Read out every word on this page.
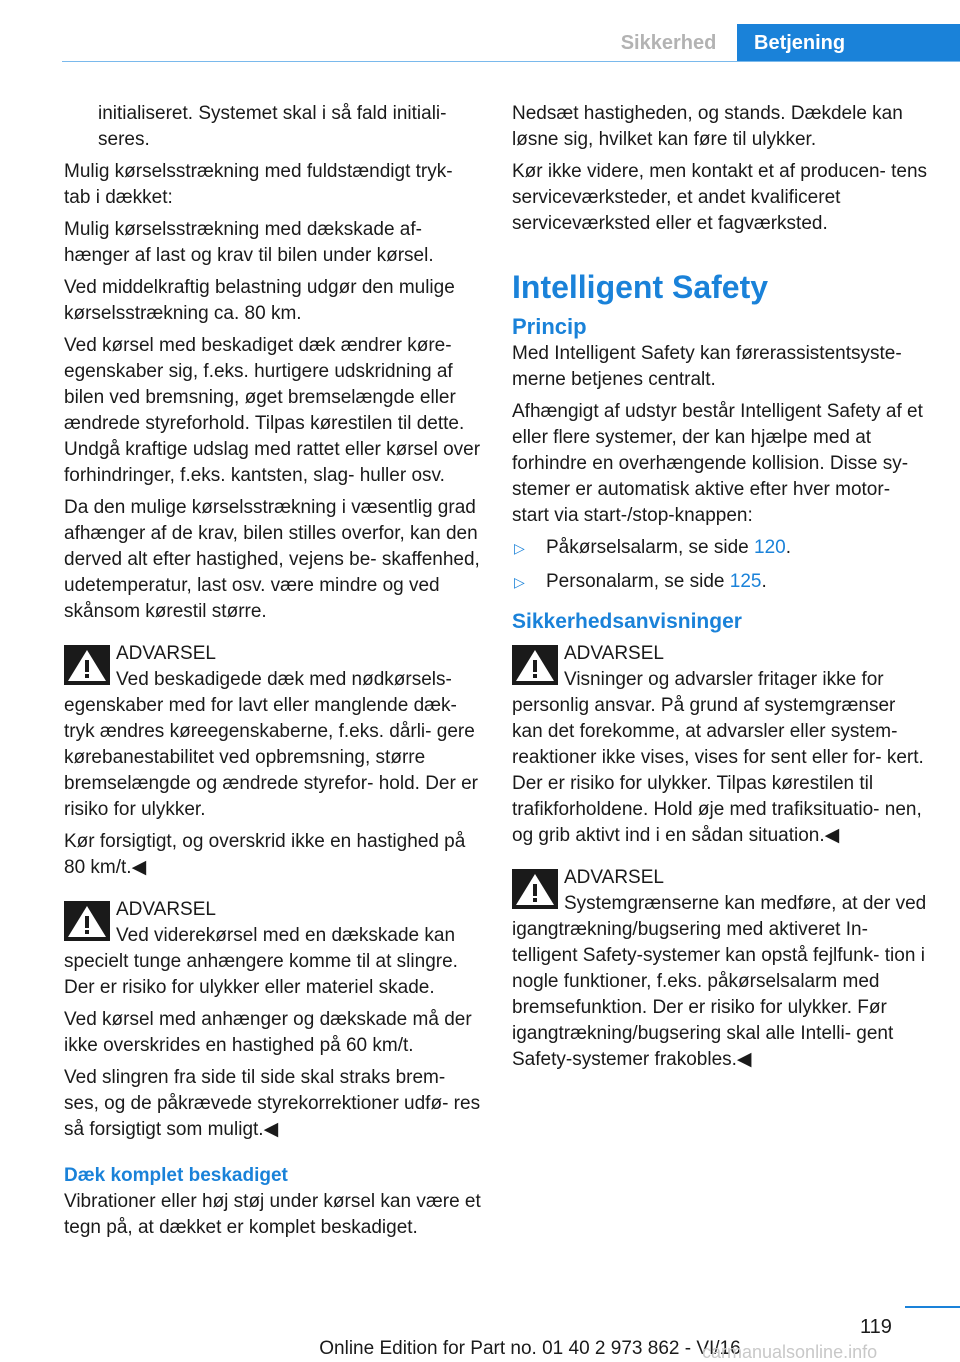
Sikkerhed	Betjening
initialiseret. Systemet skal i så fald initiali‐ seres.
Mulig kørselsstrækning med fuldstændigt tryk‐ tab i dækket:
Mulig kørselsstrækning med dækskade af‐ hænger af last og krav til bilen under kørsel.
Ved middelkraftig belastning udgør den mulige kørselsstrækning ca. 80 km.
Ved kørsel med beskadiget dæk ændrer køre‐ egenskaber sig, f.eks. hurtigere udskridning af bilen ved bremsning, øget bremselængde eller ændrede styreforhold. Tilpas kørestilen til dette. Undgå kraftige udslag med rattet eller kørsel over forhindringer, f.eks. kantsten, slag‐ huller osv.
Da den mulige kørselsstrækning i væsentlig grad afhænger af de krav, bilen stilles overfor, kan den derved alt efter hastighed, vejens be‐ skaffenhed, udetemperatur, last osv. være mindre og ved skånsom kørestil større.
ADVARSEL
Ved beskadigede dæk med nødkørsels‐ egenskaber med for lavt eller manglende dæk‐ tryk ændres køreegenskaberne, f.eks. dårli‐ gere kørebanestabilitet ved opbremsning, større bremselængde og ændrede styrefor‐ hold. Der er risiko for ulykker.
Kør forsigtigt, og overskrid ikke en hastighed på 80 km/t.◀
ADVARSEL
Ved viderekørsel med en dækskade kan specielt tunge anhængere komme til at slingre. Der er risiko for ulykker eller materiel skade.
Ved kørsel med anhænger og dækskade må der ikke overskrides en hastighed på 60 km/t.
Ved slingren fra side til side skal straks brem‐ ses, og de påkrævede styrekorrektioner udfø‐ res så forsigtigt som muligt.◀
Dæk komplet beskadiget
Vibrationer eller høj støj under kørsel kan være et tegn på, at dækket er komplet beskadiget.
Nedsæt hastigheden, og stands. Dækdele kan løsne sig, hvilket kan føre til ulykker.
Kør ikke videre, men kontakt et af producen‐ tens serviceværksteder, et andet kvalificeret serviceværksted eller et fagværksted.
Intelligent Safety
Princip
Med Intelligent Safety kan førerassistentsyste‐ merne betjenes centralt.
Afhængigt af udstyr består Intelligent Safety af et eller flere systemer, der kan hjælpe med at forhindre en overhængende kollision. Disse sy‐ stemer er automatisk aktive efter hver motor‐ start via start-/stop-knappen:
▷	Påkørselsalarm, se side 120.
▷	Personalarm, se side 125.
Sikkerhedsanvisninger
ADVARSEL
Visninger og advarsler fritager ikke for personlig ansvar. På grund af systemgrænser kan det forekomme, at advarsler eller system‐ reaktioner ikke vises, vises for sent eller for‐ kert. Der er risiko for ulykker. Tilpas kørestilen til trafikforholdene. Hold øje med trafiksituatio‐ nen, og grib aktivt ind i en sådan situation.◀
ADVARSEL
Systemgrænserne kan medføre, at der ved igangtrækning/bugsering med aktiveret In‐ telligent Safety-systemer kan opstå fejlfunk‐ tion i nogle funktioner, f.eks. påkørselsalarm med bremsefunktion. Der er risiko for ulykker. Før igangtrækning/bugsering skal alle Intelli‐ gent Safety-systemer frakobles.◀
119
Online Edition for Part no. 01 40 2 973 862 - VI/16
carmanualsonline.info
